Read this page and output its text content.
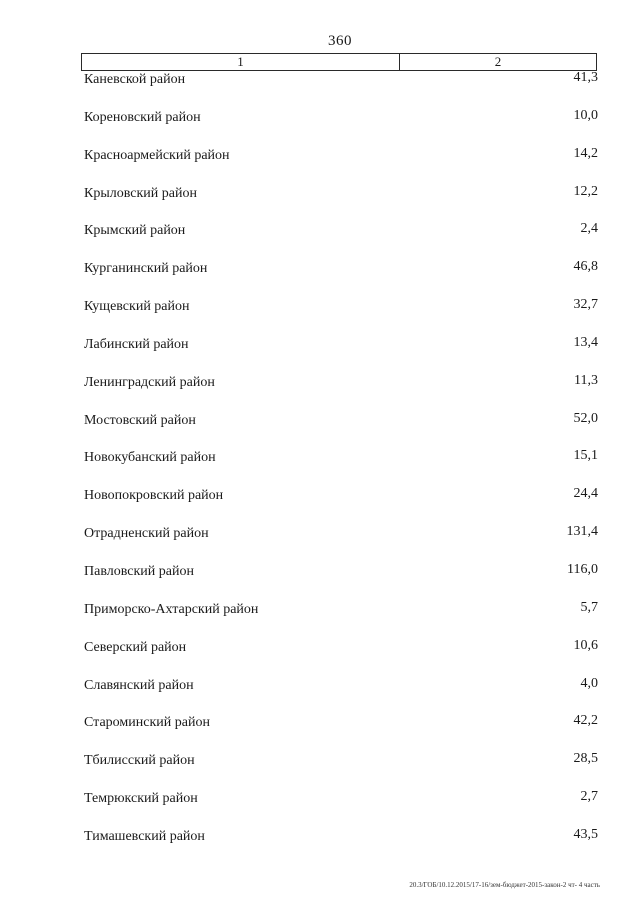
360
1	2
Каневской район	41,3
Кореновский район	10,0
Красноармейский район	14,2
Крыловский район	12,2
Крымский район	2,4
Курганинский район	46,8
Кущевский район	32,7
Лабинский район	13,4
Ленинградский район	11,3
Мостовский район	52,0
Новокубанский район	15,1
Новопокровский район	24,4
Отрадненский район	131,4
Павловский район	116,0
Приморско-Ахтарский район	5,7
Северский район	10,6
Славянский район	4,0
Староминский район	42,2
Тбилисский район	28,5
Темрюкский район	2,7
Тимашевский район	43,5
20.3/ГОБ/10.12.2015/17-16/зем-бюджет-2015-закон-2 чт- 4 часть
